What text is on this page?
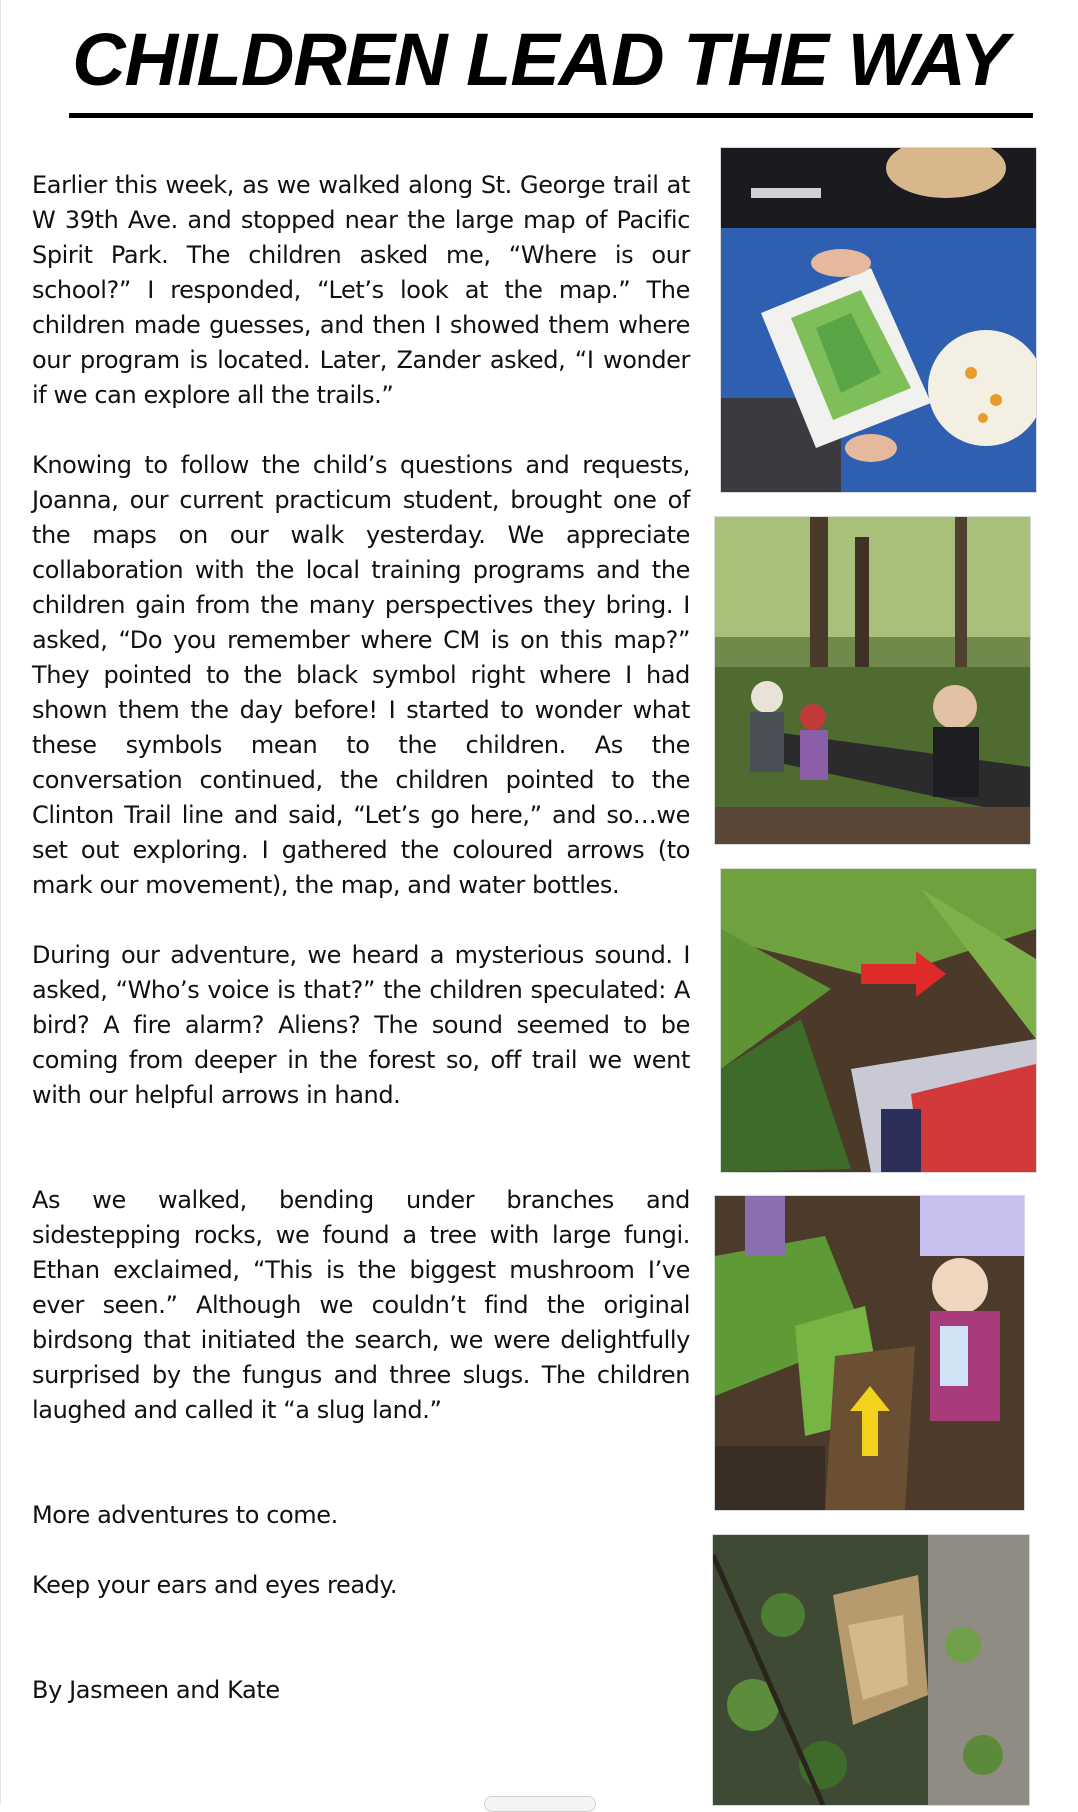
CHILDREN LEAD THE WAY

Earlier this week, as we walked along St. George trail at W 39th Ave. and stopped near the large map of Pacific Spirit Park. The children asked me, “Where is our school?” I responded, “Let’s look at the map.” The children made guesses, and then I showed them where our program is located. Later, Zander asked, “I wonder if we can explore all the trails.”

Knowing to follow the child’s questions and requests, Joanna, our current practicum student, brought one of the maps on our walk yesterday. We appreciate collaboration with the local training programs and the children gain from the many perspectives they bring. I asked, “Do you remember where CM is on this map?” They pointed to the black symbol right where I had shown them the day before! I started to wonder what these symbols mean to the children. As the conversation continued, the children pointed to the Clinton Trail line and said, “Let’s go here,” and so…we set out exploring. I gathered the coloured arrows (to mark our movement), the map, and water bottles.

During our adventure, we heard a mysterious sound. I asked, “Who’s voice is that?” the children speculated: A bird? A fire alarm? Aliens? The sound seemed to be coming from deeper in the forest so, off trail we went with our helpful arrows in hand.

As we walked, bending under branches and sidestepping rocks, we found a tree with large fungi. Ethan exclaimed, “This is the biggest mushroom I’ve ever seen.” Although we couldn’t find the original birdsong that initiated the search, we were delightfully surprised by the fungus and three slugs. The children laughed and called it “a slug land.”

More adventures to come.

Keep your ears and eyes ready.

By Jasmeen and Kate
